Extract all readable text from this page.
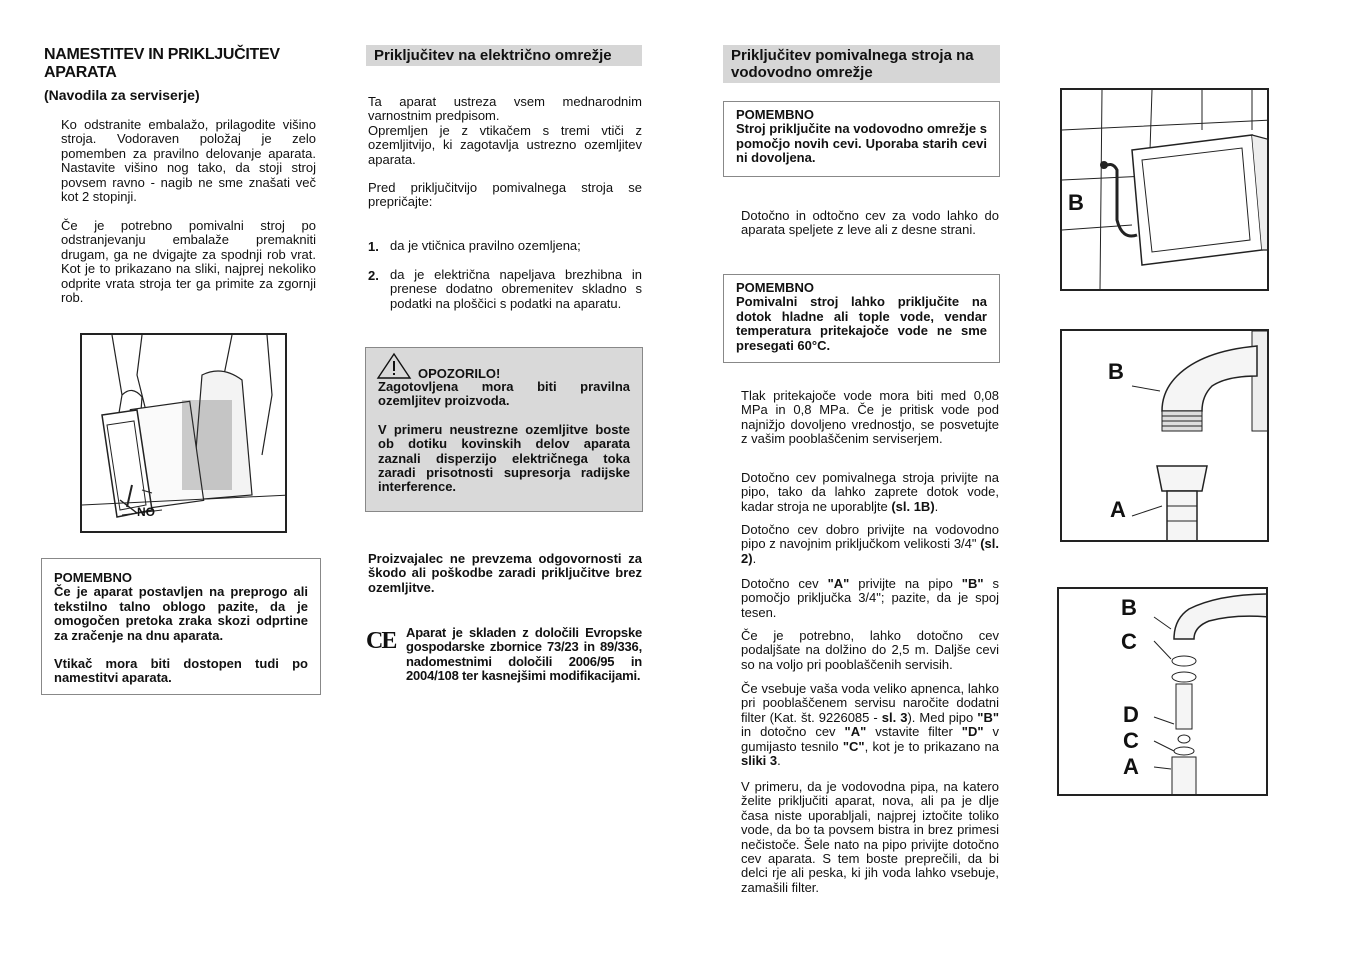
NAMESTITEV IN PRIKLJUČITEV APARATA
(Navodila za serviserje)

Ko odstranite embalažo, prilagodite višino stroja. Vodoraven položaj je zelo pomemben za pravilno delovanje aparata. Nastavite višino nog tako, da stoji stroj povsem ravno - nagib ne sme znašati več kot 2 stopinji.

Če je potrebno pomivalni stroj po odstranjevanju embalaže premakniti drugam, ga ne dvigajte za spodnji rob vrat. Kot je to prikazano na sliki, najprej nekoliko odprite vrata stroja ter ga primite za zgornji rob.

NO
POMEMBNO
Če je aparat postavljen na preprogo ali tekstilno talno oblogo pazite, da je omogočen pretoka zraka skozi odprtine za zračenje na dnu aparata.
Vtikač mora biti dostopen tudi po namestitvi aparata.
Priključitev na električno omrežje

Ta aparat ustreza vsem mednarodnim varnostnim predpisom.

Opremljen je z vtikačem s tremi vtiči z ozemljitvijo, ki zagotavlja ustrezno ozemljitev aparata.

Pred priključitvijo pomivalnega stroja se prepričajte:

1. da je vtičnica pravilno ozemljena;

2. da je električna napeljava brezhibna in prenese dodatno obremenitev skladno s podatki na ploščici s podatki na aparatu.

OPOZORILO!
Zagotovljena mora biti pravilna ozemljitev proizvoda.
V primeru neustrezne ozemljitve boste ob dotiku kovinskih delov aparata zaznali disperzijo električnega toka zaradi prisotnosti supresorja radijske interference.

Proizvajalec ne prevzema odgovornosti za škodo ali poškodbe zaradi priključitve brez ozemljitve.

CE Aparat je skladen z določili Evropske gospodarske zbornice 73/23 in 89/336, nadomestnimi določili 2006/95 in 2004/108 ter kasnejšimi modifikacijami.

Priključitev pomivalnega stroja na vodovodno omrežje
POMEMBNO
Stroj priključite na vodovodno omrežje s pomočjo novih cevi. Uporaba starih cevi ni dovoljena.

Dotočno in odtočno cev za vodo lahko do aparata speljete z leve ali z desne strani.

POMEMBNO
Pomivalni stroj lahko priključite na dotok hladne ali tople vode, vendar temperatura pritekajoče vode ne sme presegati 60°C.

Tlak pritekajoče vode mora biti med 0,08 MPa in 0,8 MPa. Če je pritisk vode pod najnižjo dovoljeno vrednostjo, se posvetujte z vašim pooblaščenim serviserjem.

Dotočno cev pomivalnega stroja privijte na pipo, tako da lahko zaprete dotok vode, kadar stroja ne uporabljte (sl. 1B).

Dotočno cev dobro privijte na vodovodno pipo z navojnim priključkom velikosti 3/4" (sl. 2).

Dotočno cev "A" privijte na pipo "B" s pomočjo priključka 3/4"; pazite, da je spoj tesen.

Če je potrebno, lahko dotočno cev podaljšate na dolžino do 2,5 m. Daljše cevi so na voljo pri pooblaščenih servisih.

Če vsebuje vaša voda veliko apnenca, lahko pri pooblaščenem servisu naročite dodatni filter (Kat. št. 9226085 - sl. 3). Med pipo "B" in dotočno cev "A" vstavite filter "D" v gumijasto tesnilo "C", kot je to prikazano na sliki 3.

V primeru, da je vodovodna pipa, na katero želite priključiti aparat, nova, ali pa je dlje časa niste uporabljali, najprej iztočite toliko vode, da bo ta povsem bistra in brez primesi nečistoče. Šele nato na pipo privijte dotočno cev aparata. S tem boste preprečili, da bi delci rje ali peska, ki jih voda lahko vsebuje, zamašili filter.

B
B
A
B
C
D
C
A
